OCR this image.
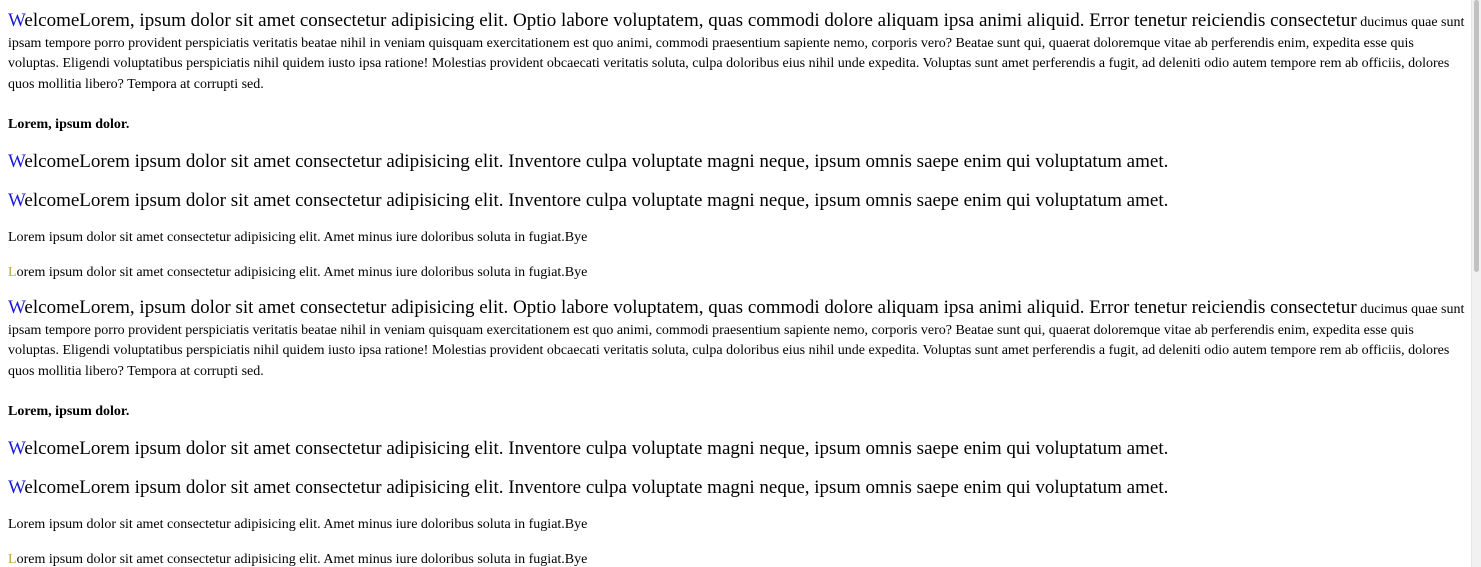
WelcomeLorem, ipsum dolor sit amet consectetur adipisicing elit. Optio labore voluptatem, quas commodi dolore aliquam ipsa animi aliquid. Error tenetur reiciendis consectetur ducimus quae sunt ipsam tempore porro provident perspiciatis veritatis beatae nihil in veniam quisquam exercitationem est quo animi, commodi praesentium sapiente nemo, corporis vero? Beatae sunt qui, quaerat doloremque vitae ab perferendis enim, expedita esse quis voluptas. Eligendi voluptatibus perspiciatis nihil quidem iusto ipsa ratione! Molestias provident obcaecati veritatis soluta, culpa doloribus eius nihil unde expedita. Voluptas sunt amet perferendis a fugit, ad deleniti odio autem tempore rem ab officiis, dolores quos mollitia libero? Tempora at corrupti sed.

Lorem, ipsum dolor.

WelcomeLorem ipsum dolor sit amet consectetur adipisicing elit. Inventore culpa voluptate magni neque, ipsum omnis saepe enim qui voluptatum amet.

WelcomeLorem ipsum dolor sit amet consectetur adipisicing elit. Inventore culpa voluptate magni neque, ipsum omnis saepe enim qui voluptatum amet.

Lorem ipsum dolor sit amet consectetur adipisicing elit. Amet minus iure doloribus soluta in fugiat.Bye

Lorem ipsum dolor sit amet consectetur adipisicing elit. Amet minus iure doloribus soluta in fugiat.Bye

WelcomeLorem, ipsum dolor sit amet consectetur adipisicing elit. Optio labore voluptatem, quas commodi dolore aliquam ipsa animi aliquid. Error tenetur reiciendis consectetur ducimus quae sunt ipsam tempore porro provident perspiciatis veritatis beatae nihil in veniam quisquam exercitationem est quo animi, commodi praesentium sapiente nemo, corporis vero? Beatae sunt qui, quaerat doloremque vitae ab perferendis enim, expedita esse quis voluptas. Eligendi voluptatibus perspiciatis nihil quidem iusto ipsa ratione! Molestias provident obcaecati veritatis soluta, culpa doloribus eius nihil unde expedita. Voluptas sunt amet perferendis a fugit, ad deleniti odio autem tempore rem ab officiis, dolores quos mollitia libero? Tempora at corrupti sed.

Lorem, ipsum dolor.

WelcomeLorem ipsum dolor sit amet consectetur adipisicing elit. Inventore culpa voluptate magni neque, ipsum omnis saepe enim qui voluptatum amet.

WelcomeLorem ipsum dolor sit amet consectetur adipisicing elit. Inventore culpa voluptate magni neque, ipsum omnis saepe enim qui voluptatum amet.

Lorem ipsum dolor sit amet consectetur adipisicing elit. Amet minus iure doloribus soluta in fugiat.Bye

Lorem ipsum dolor sit amet consectetur adipisicing elit. Amet minus iure doloribus soluta in fugiat.Bye
